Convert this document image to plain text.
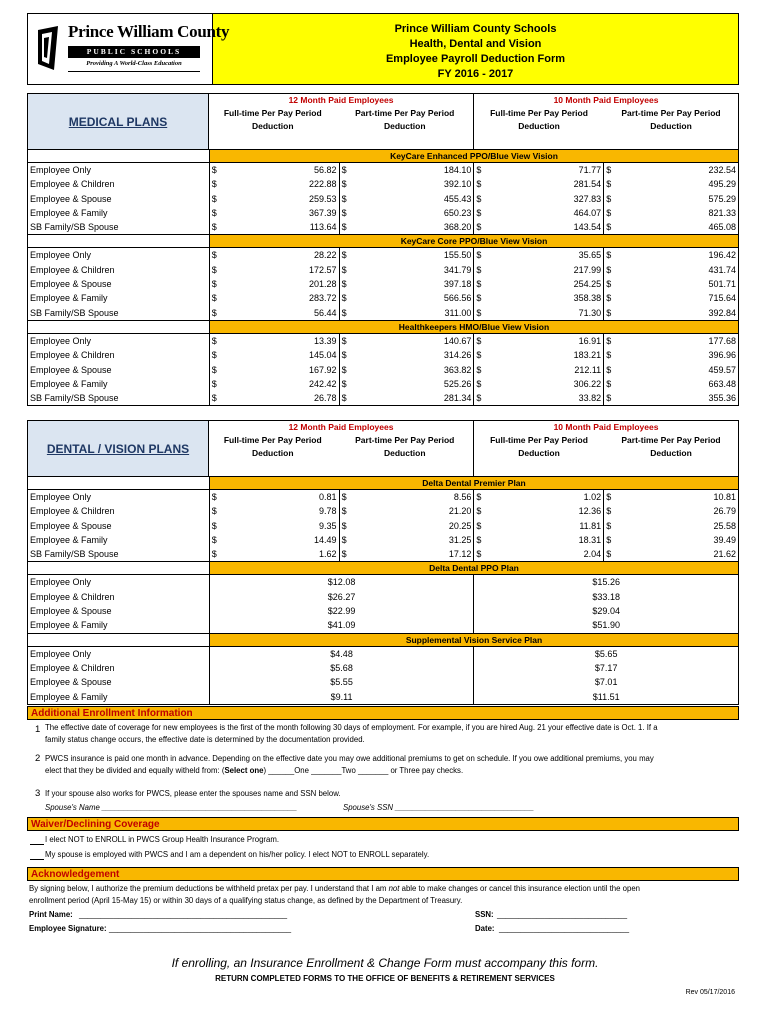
Prince William County
PUBLIC SCHOOLS
Providing A World-Class Education
Prince William County Schools
Health, Dental and Vision
Employee Payroll Deduction Form
FY 2016 - 2017
MEDICAL PLANS
12 Month Paid Employees
Full-time Per Pay Period
Deduction
Part-time Per Pay Period
Deduction
10 Month Paid Employees
Full-time Per Pay Period
Deduction
Part-time Per Pay Period
Deduction
KeyCare Enhanced PPO/Blue View Vision
Employee Only	$	56.82 $	184.10 $	71.77 $	232.54
Employee & Children	$	222.88 $	392.10 $	281.54 $	495.29
Employee & Spouse	$	259.53 $	455.43 $	327.83 $	575.29
Employee & Family	$	367.39 $	650.23 $	464.07 $	821.33
SB Family/SB Spouse	$	113.64 $	368.20 $	143.54 $	465.08
KeyCare Core PPO/Blue View Vision
Employee Only	$	28.22 $	155.50 $	35.65 $	196.42
Employee & Children	$	172.57 $	341.79 $	217.99 $	431.74
Employee & Spouse	$	201.28 $	397.18 $	254.25 $	501.71
Employee & Family	$	283.72 $	566.56 $	358.38 $	715.64
SB Family/SB Spouse	$	56.44 $	311.00 $	71.30 $	392.84
Healthkeepers HMO/Blue View Vision
Employee Only	$	13.39 $	140.67 $	16.91 $	177.68
Employee & Children	$	145.04 $	314.26 $	183.21 $	396.96
Employee & Spouse	$	167.92 $	363.82 $	212.11 $	459.57
Employee & Family	$	242.42 $	525.26 $	306.22 $	663.48
SB Family/SB Spouse	$	26.78 $	281.34 $	33.82 $	355.36
DENTAL / VISION PLANS
12 Month Paid Employees
Full-time Per Pay Period
Deduction
Part-time Per Pay Period
Deduction
10 Month Paid Employees
Full-time Per Pay Period
Deduction
Part-time Per Pay Period
Deduction
Delta Dental Premier Plan
Employee Only	$	0.81 $	8.56 $	1.02 $	10.81
Employee & Children	$	9.78 $	21.20 $	12.36 $	26.79
Employee & Spouse	$	9.35 $	20.25 $	11.81 $	25.58
Employee & Family	$	14.49 $	31.25 $	18.31 $	39.49
SB Family/SB Spouse	$	1.62 $	17.12 $	2.04 $	21.62
Delta Dental PPO Plan
Employee Only	$12.08	$15.26
Employee & Children	$26.27	$33.18
Employee & Spouse	$22.99	$29.04
Employee & Family	$41.09	$51.90
Supplemental Vision Service Plan
Employee Only	$4.48	$5.65
Employee & Children	$5.68	$7.17
Employee & Spouse	$5.55	$7.01
Employee & Family	$9.11	$11.51
Additional Enrollment Information
1 The effective date of coverage for new employees is the first of the month following 30 days of employment. For example, if you are hired Aug. 21 your effective date is Oct. 1. If a
family status change occurs, the effective date is determined by the documentation provided.
2 PWCS insurance is paid one month in advance. Depending on the effective date you may owe additional premiums to get on schedule. If you owe additional premiums, you may
elect that they be divided and equally witheld from: (Select one) ______One _______Two _______ or Three pay checks.
3 If your spouse also works for PWCS, please enter the spouses name and SSN below.
Spouse's Name _____________________________________________	Spouse's SSN ________________________________
Waiver/Declining Coverage
I elect NOT to ENROLL in PWCS Group Health Insurance Program.
My spouse is employed with PWCS and I am a dependent on his/her policy. I elect NOT to ENROLL separately.
Acknowledgement
By signing below, I authorize the premium deductions be withheld pretax per pay. I understand that I am not able to make changes or cancel this insurance election until the open
enrollment period (April 15-May 15) or within 30 days of a qualifying status change, as defined by the Department of Treasury.
Print Name: ________________________________________________
Employee Signature: __________________________________________
SSN: ______________________________
Date: ______________________________
If enrolling, an Insurance Enrollment & Change Form must accompany this form.
RETURN COMPLETED FORMS TO THE OFFICE OF BENEFITS & RETIREMENT SERVICES
Rev 05/17/2016
